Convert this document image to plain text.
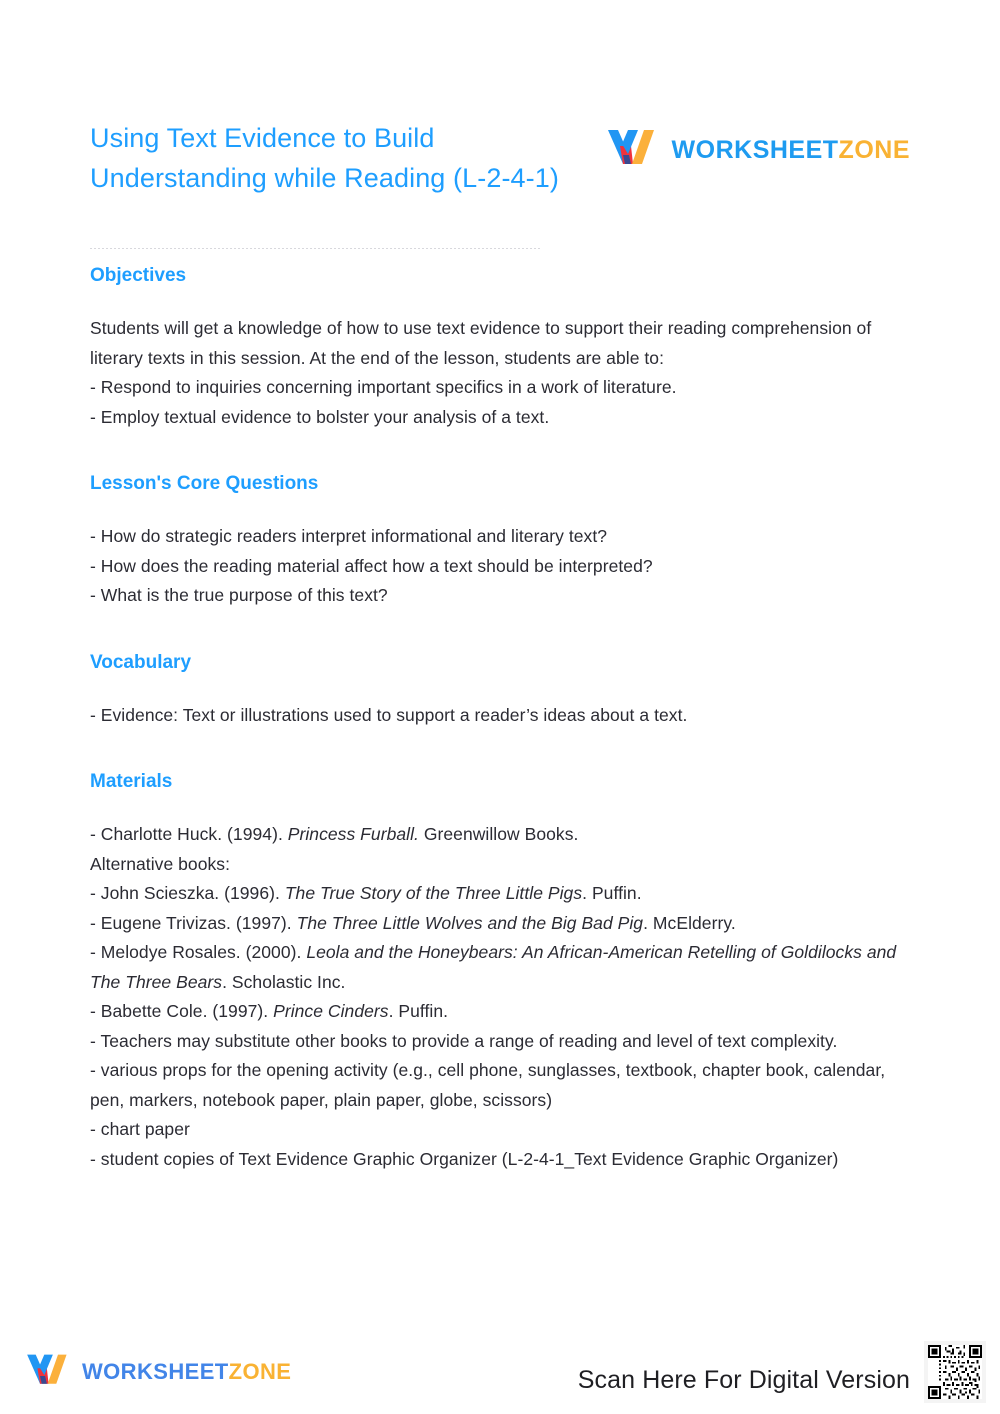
Using Text Evidence to Build Understanding while Reading (L-2-4-1)
WORKSHEETZONE
Objectives
Students will get a knowledge of how to use text evidence to support their reading comprehension of literary texts in this session. At the end of the lesson, students are able to:
- Respond to inquiries concerning important specifics in a work of literature.
- Employ textual evidence to bolster your analysis of a text.
Lesson's Core Questions
- How do strategic readers interpret informational and literary text?
- How does the reading material affect how a text should be interpreted?
- What is the true purpose of this text?
Vocabulary
- Evidence: Text or illustrations used to support a reader’s ideas about a text.
Materials
- Charlotte Huck. (1994). Princess Furball. Greenwillow Books.
Alternative books:
- John Scieszka. (1996). The True Story of the Three Little Pigs. Puffin.
- Eugene Trivizas. (1997). The Three Little Wolves and the Big Bad Pig. McElderry.
- Melodye Rosales. (2000). Leola and the Honeybears: An African-American Retelling of Goldilocks and The Three Bears. Scholastic Inc.
- Babette Cole. (1997). Prince Cinders. Puffin.
- Teachers may substitute other books to provide a range of reading and level of text complexity.
- various props for the opening activity (e.g., cell phone, sunglasses, textbook, chapter book, calendar, pen, markers, notebook paper, plain paper, globe, scissors)
- chart paper
- student copies of Text Evidence Graphic Organizer (L-2-4-1_Text Evidence Graphic Organizer)
WORKSHEETZONE	Scan Here For Digital Version
